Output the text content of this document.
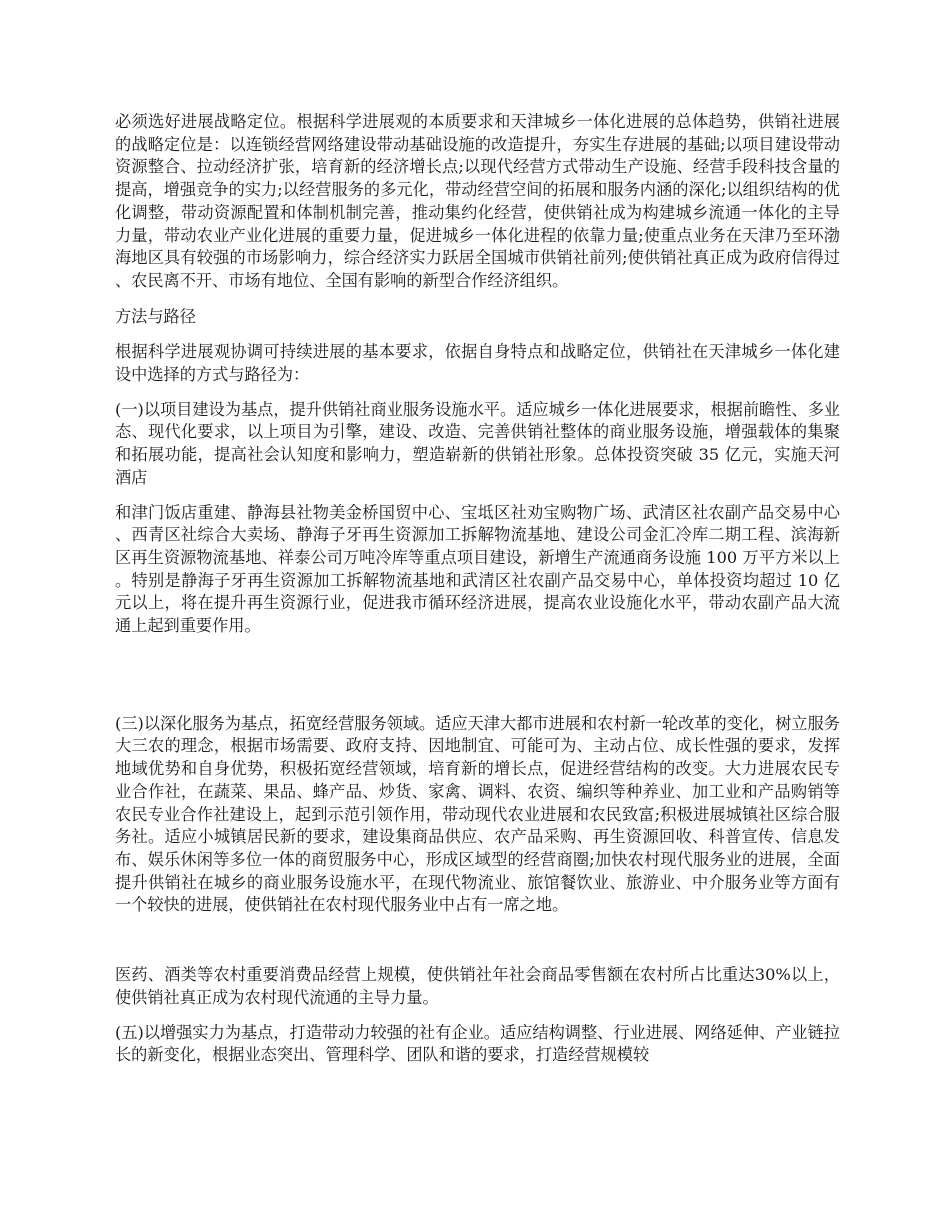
必须选好进展战略定位。根据科学进展观的本质要求和天津城乡一体化进展的总体趋势，供销社进展的战略定位是：以连锁经营网络建设带动基础设施的改造提升，夯实生存进展的基础;以项目建设带动资源整合、拉动经济扩张，培育新的经济增长点;以现代经营方式带动生产设施、经营手段科技含量的提高，增强竞争的实力;以经营服务的多元化，带动经营空间的拓展和服务内涵的深化;以组织结构的优化调整，带动资源配置和体制机制完善，推动集约化经营，使供销社成为构建城乡流通一体化的主导力量，带动农业产业化进展的重要力量，促进城乡一体化进程的依靠力量;使重点业务在天津乃至环渤海地区具有较强的市场影响力，综合经济实力跃居全国城市供销社前列;使供销社真正成为政府信得过、农民离不开、市场有地位、全国有影响的新型合作经济组织。

方法与路径

根据科学进展观协调可持续进展的基本要求，依据自身特点和战略定位，供销社在天津城乡一体化建设中选择的方式与路径为：

(一)以项目建设为基点，提升供销社商业服务设施水平。适应城乡一体化进展要求，根据前瞻性、多业态、现代化要求，以上项目为引擎，建设、改造、完善供销社整体的商业服务设施，增强载体的集聚和拓展功能，提高社会认知度和影响力，塑造崭新的供销社形象。总体投资突破 35 亿元，实施天河酒店

和津门饭店重建、静海县社物美金桥国贸中心、宝坻区社劝宝购物广场、武清区社农副产品交易中心、西青区社综合大卖场、静海子牙再生资源加工拆解物流基地、建设公司金汇冷库二期工程、滨海新区再生资源物流基地、祥泰公司万吨冷库等重点项目建设，新增生产流通商务设施 100 万平方米以上。特别是静海子牙再生资源加工拆解物流基地和武清区社农副产品交易中心，单体投资均超过 10 亿元以上，将在提升再生资源行业，促进我市循环经济进展，提高农业设施化水平，带动农副产品大流通上起到重要作用。

(三)以深化服务为基点，拓宽经营服务领域。适应天津大都市进展和农村新一轮改革的变化，树立服务大三农的理念，根据市场需要、政府支持、因地制宜、可能可为、主动占位、成长性强的要求，发挥地域优势和自身优势，积极拓宽经营领域，培育新的增长点，促进经营结构的改变。大力进展农民专业合作社，在蔬菜、果品、蜂产品、炒货、家禽、调料、农资、编织等种养业、加工业和产品购销等农民专业合作社建设上，起到示范引领作用，带动现代农业进展和农民致富;积极进展城镇社区综合服务社。适应小城镇居民新的要求，建设集商品供应、农产品采购、再生资源回收、科普宣传、信息发布、娱乐休闲等多位一体的商贸服务中心，形成区域型的经营商圈;加快农村现代服务业的进展，全面提升供销社在城乡的商业服务设施水平，在现代物流业、旅馆餐饮业、旅游业、中介服务业等方面有一个较快的进展，使供销社在农村现代服务业中占有一席之地。

医药、酒类等农村重要消费品经营上规模，使供销社年社会商品零售额在农村所占比重达30%以上，使供销社真正成为农村现代流通的主导力量。

(五)以增强实力为基点，打造带动力较强的社有企业。适应结构调整、行业进展、网络延伸、产业链拉长的新变化，根据业态突出、管理科学、团队和谐的要求，打造经营规模较
